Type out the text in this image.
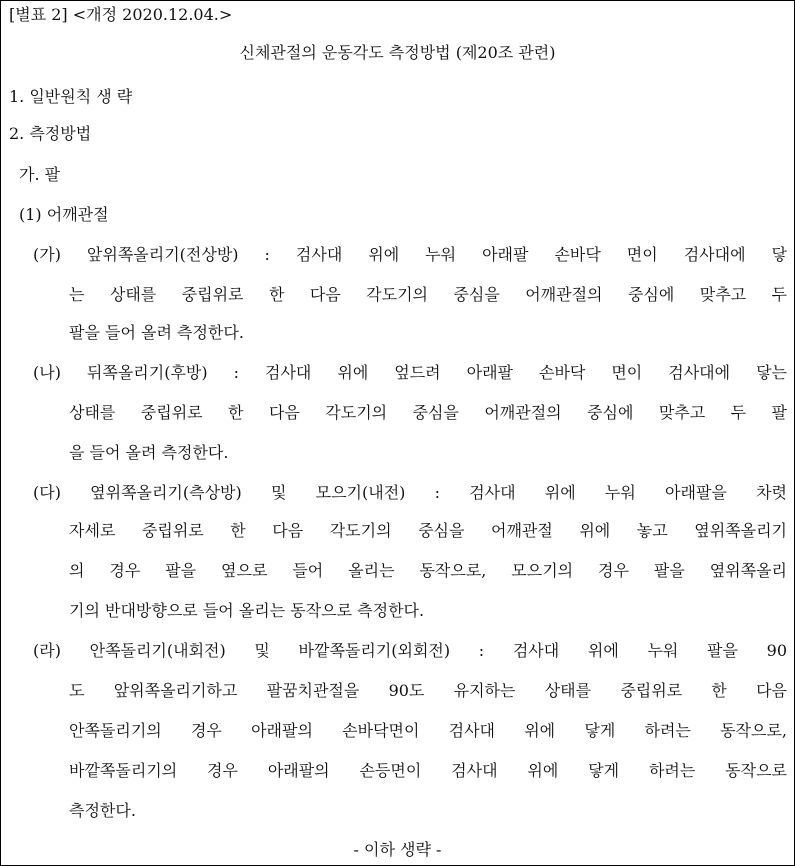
[별표 2] <개정 2020.12.04.>
신체관절의 운동각도 측정방법 (제20조 관련)
1. 일반원칙 생 략
2. 측정방법
가. 팔
(1) 어깨관절
(가) 앞위쪽올리기(전상방) : 검사대 위에 누워 아래팔 손바닥 면이 검사대에 닿
는 상태를 중립위로 한 다음 각도기의 중심을 어깨관절의 중심에 맞추고 두
팔을 들어 올려 측정한다.
(나) 뒤쪽올리기(후방) : 검사대 위에 엎드려 아래팔 손바닥 면이 검사대에 닿는
상태를 중립위로 한 다음 각도기의 중심을 어깨관절의 중심에 맞추고 두 팔
을 들어 올려 측정한다.
(다) 옆위쪽올리기(측상방) 및 모으기(내전) : 검사대 위에 누워 아래팔을 차렷
자세로 중립위로 한 다음 각도기의 중심을 어깨관절 위에 놓고 옆위쪽올리기
의 경우 팔을 옆으로 들어 올리는 동작으로, 모으기의 경우 팔을 옆위쪽올리
기의 반대방향으로 들어 올리는 동작으로 측정한다.
(라) 안쪽돌리기(내회전) 및 바깥쪽돌리기(외회전) : 검사대 위에 누워 팔을 90
도 앞위쪽올리기하고 팔꿈치관절을 90도 유지하는 상태를 중립위로 한 다음
안쪽돌리기의 경우 아래팔의 손바닥면이 검사대 위에 닿게 하려는 동작으로,
바깥쪽돌리기의 경우 아래팔의 손등면이 검사대 위에 닿게 하려는 동작으로
측정한다.
- 이하 생략 -
